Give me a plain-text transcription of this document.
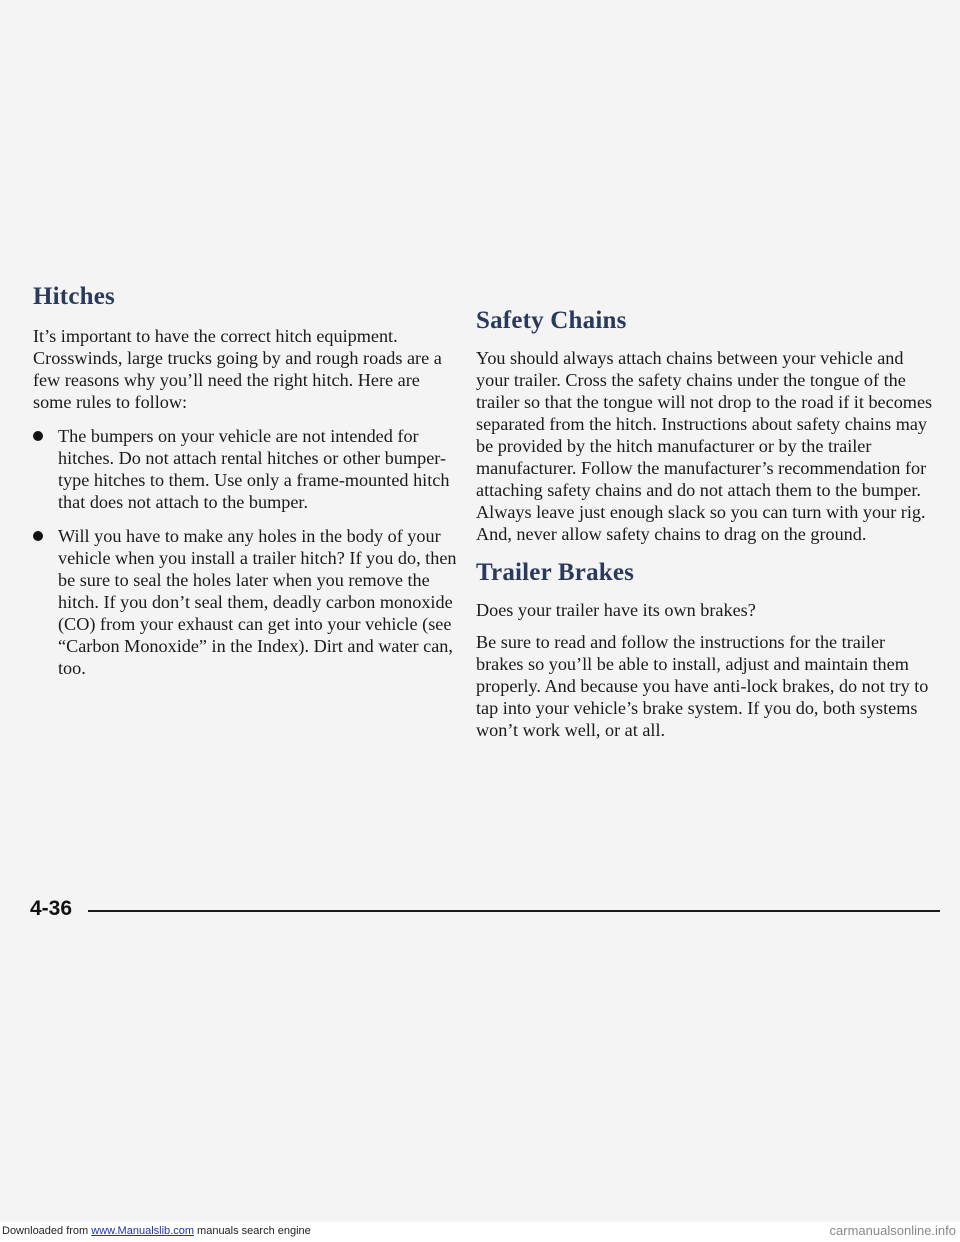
Hitches

It’s important to have the correct hitch equipment. Crosswinds, large trucks going by and rough roads are a few reasons why you’ll need the right hitch. Here are some rules to follow:

The bumpers on your vehicle are not intended for hitches. Do not attach rental hitches or other bumper-type hitches to them. Use only a frame-mounted hitch that does not attach to the bumper.
Will you have to make any holes in the body of your vehicle when you install a trailer hitch? If you do, then be sure to seal the holes later when you remove the hitch. If you don’t seal them, deadly carbon monoxide (CO) from your exhaust can get into your vehicle (see “Carbon Monoxide” in the Index). Dirt and water can, too.
Safety Chains

You should always attach chains between your vehicle and your trailer. Cross the safety chains under the tongue of the trailer so that the tongue will not drop to the road if it becomes separated from the hitch. Instructions about safety chains may be provided by the hitch manufacturer or by the trailer manufacturer. Follow the manufacturer’s recommendation for attaching safety chains and do not attach them to the bumper. Always leave just enough slack so you can turn with your rig. And, never allow safety chains to drag on the ground.

Trailer Brakes

Does your trailer have its own brakes?

Be sure to read and follow the instructions for the trailer brakes so you’ll be able to install, adjust and maintain them properly. And because you have anti-lock brakes, do not try to tap into your vehicle’s brake system. If you do, both systems won’t work well, or at all.

4-36
Downloaded from www.Manualslib.com manuals search engine	carmanualsonline.info
